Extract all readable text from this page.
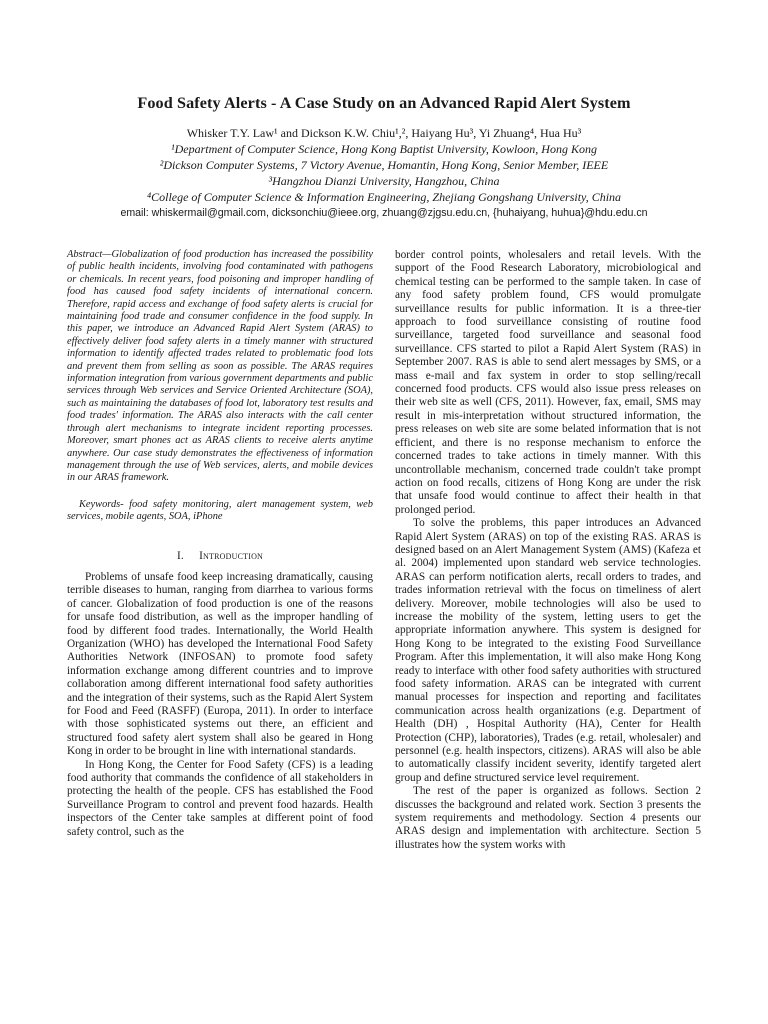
Food Safety Alerts - A Case Study on an Advanced Rapid Alert System
Whisker T.Y. Law¹ and Dickson K.W. Chiu¹,², Haiyang Hu³, Yi Zhuang⁴, Hua Hu³
¹Department of Computer Science, Hong Kong Baptist University, Kowloon, Hong Kong
²Dickson Computer Systems, 7 Victory Avenue, Homantin, Hong Kong, Senior Member, IEEE
³Hangzhou Dianzi University, Hangzhou, China
⁴College of Computer Science & Information Engineering, Zhejiang Gongshang University, China
email: whiskermail@gmail.com, dicksonchiu@ieee.org, zhuang@zjgsu.edu.cn, {huhaiyang, huhua}@hdu.edu.cn
Abstract—Globalization of food production has increased the possibility of public health incidents, involving food contaminated with pathogens or chemicals. In recent years, food poisoning and improper handling of food has caused food safety incidents of international concern. Therefore, rapid access and exchange of food safety alerts is crucial for maintaining food trade and consumer confidence in the food supply. In this paper, we introduce an Advanced Rapid Alert System (ARAS) to effectively deliver food safety alerts in a timely manner with structured information to identify affected trades related to problematic food lots and prevent them from selling as soon as possible. The ARAS requires information integration from various government departments and public services through Web services and Service Oriented Architecture (SOA), such as maintaining the databases of food lot, laboratory test results and food trades' information. The ARAS also interacts with the call center through alert mechanisms to integrate incident reporting processes. Moreover, smart phones act as ARAS clients to receive alerts anytime anywhere. Our case study demonstrates the effectiveness of information management through the use of Web services, alerts, and mobile devices in our ARAS framework.
Keywords- food safety monitoring, alert management system, web services, mobile agents, SOA, iPhone
I. Introduction

Problems of unsafe food keep increasing dramatically, causing terrible diseases to human, ranging from diarrhea to various forms of cancer. Globalization of food production is one of the reasons for unsafe food distribution, as well as the improper handling of food by different food trades. Internationally, the World Health Organization (WHO) has developed the International Food Safety Authorities Network (INFOSAN) to promote food safety information exchange among different countries and to improve collaboration among different international food safety authorities and the integration of their systems, such as the Rapid Alert System for Food and Feed (RASFF) (Europa, 2011). In order to interface with those sophisticated systems out there, an efficient and structured food safety alert system shall also be geared in Hong Kong in order to be brought in line with international standards.

In Hong Kong, the Center for Food Safety (CFS) is a leading food authority that commands the confidence of all stakeholders in protecting the health of the people. CFS has established the Food Surveillance Program to control and prevent food hazards. Health inspectors of the Center take samples at different point of food safety control, such as the

border control points, wholesalers and retail levels. With the support of the Food Research Laboratory, microbiological and chemical testing can be performed to the sample taken. In case of any food safety problem found, CFS would promulgate surveillance results for public information. It is a three-tier approach to food surveillance consisting of routine food surveillance, targeted food surveillance and seasonal food surveillance. CFS started to pilot a Rapid Alert System (RAS) in September 2007. RAS is able to send alert messages by SMS, or a mass e-mail and fax system in order to stop selling/recall concerned food products. CFS would also issue press releases on their web site as well (CFS, 2011). However, fax, email, SMS may result in mis-interpretation without structured information, the press releases on web site are some belated information that is not efficient, and there is no response mechanism to enforce the concerned trades to take actions in timely manner. With this uncontrollable mechanism, concerned trade couldn't take prompt action on food recalls, citizens of Hong Kong are under the risk that unsafe food would continue to affect their health in that prolonged period.

To solve the problems, this paper introduces an Advanced Rapid Alert System (ARAS) on top of the existing RAS. ARAS is designed based on an Alert Management System (AMS) (Kafeza et al. 2004) implemented upon standard web service technologies. ARAS can perform notification alerts, recall orders to trades, and trades information retrieval with the focus on timeliness of alert delivery. Moreover, mobile technologies will also be used to increase the mobility of the system, letting users to get the appropriate information anywhere. This system is designed for Hong Kong to be integrated to the existing Food Surveillance Program. After this implementation, it will also make Hong Kong ready to interface with other food safety authorities with structured food safety information. ARAS can be integrated with current manual processes for inspection and reporting and facilitates communication across health organizations (e.g. Department of Health (DH) , Hospital Authority (HA), Center for Health Protection (CHP), laboratories), Trades (e.g. retail, wholesaler) and personnel (e.g. health inspectors, citizens). ARAS will also be able to automatically classify incident severity, identify targeted alert group and define structured service level requirement.

The rest of the paper is organized as follows. Section 2 discusses the background and related work. Section 3 presents the system requirements and methodology. Section 4 presents our ARAS design and implementation with architecture. Section 5 illustrates how the system works with
